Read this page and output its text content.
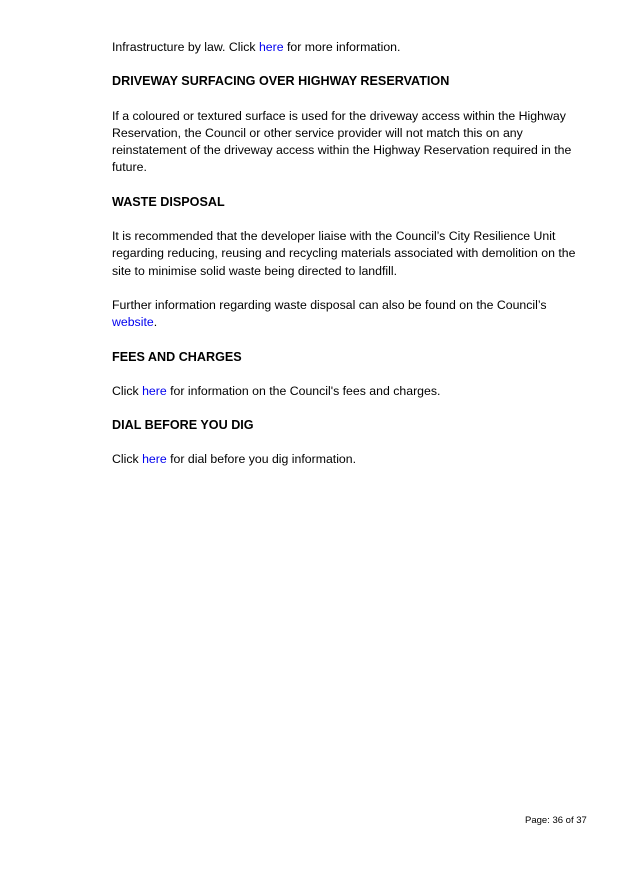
Infrastructure by law. Click here for more information.

DRIVEWAY SURFACING OVER HIGHWAY RESERVATION

If a coloured or textured surface is used for the driveway access within the Highway Reservation, the Council or other service provider will not match this on any reinstatement of the driveway access within the Highway Reservation required in the future.

WASTE DISPOSAL

It is recommended that the developer liaise with the Council’s City Resilience Unit regarding reducing, reusing and recycling materials associated with demolition on the site to minimise solid waste being directed to landfill.

Further information regarding waste disposal can also be found on the Council’s website.

FEES AND CHARGES

Click here for information on the Council's fees and charges.

DIAL BEFORE YOU DIG

Click here for dial before you dig information.

Page: 36 of 37
